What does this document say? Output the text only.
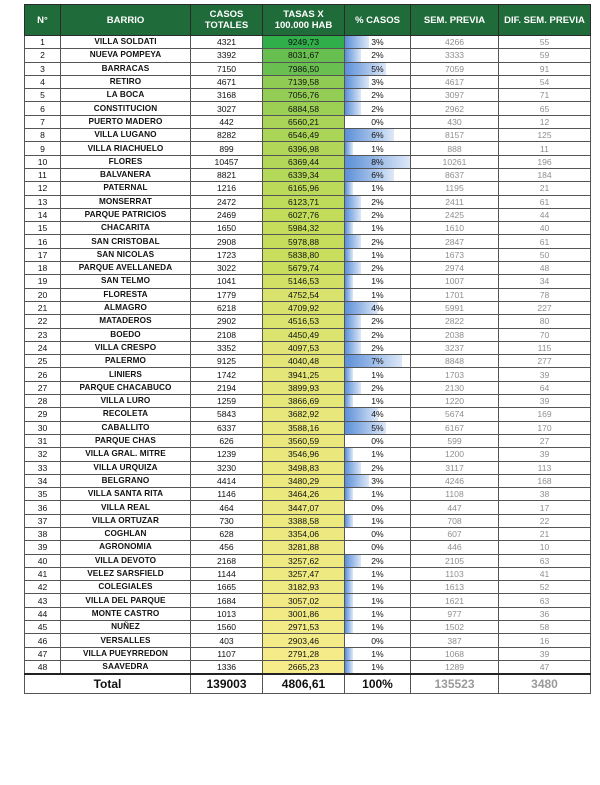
N°	BARRIO	CASOS TOTALES	TASAS X 100.000 HAB	% CASOS	SEM. PREVIA	DIF. SEM. PREVIA
1	VILLA SOLDATI	4321	9249,73	3%	4266	55
2	NUEVA POMPEYA	3392	8031,67	2%	3333	59
3	BARRACAS	7150	7986,50	5%	7059	91
4	RETIRO	4671	7139,58	3%	4617	54
5	LA BOCA	3168	7056,76	2%	3097	71
6	CONSTITUCION	3027	6884,58	2%	2962	65
7	PUERTO MADERO	442	6560,21	0%	430	12
8	VILLA LUGANO	8282	6546,49	6%	8157	125
9	VILLA RIACHUELO	899	6396,98	1%	888	11
10	FLORES	10457	6369,44	8%	10261	196
11	BALVANERA	8821	6339,34	6%	8637	184
12	PATERNAL	1216	6165,96	1%	1195	21
13	MONSERRAT	2472	6123,71	2%	2411	61
14	PARQUE PATRICIOS	2469	6027,76	2%	2425	44
15	CHACARITA	1650	5984,32	1%	1610	40
16	SAN CRISTOBAL	2908	5978,88	2%	2847	61
17	SAN NICOLAS	1723	5838,80	1%	1673	50
18	PARQUE AVELLANEDA	3022	5679,74	2%	2974	48
19	SAN TELMO	1041	5146,53	1%	1007	34
20	FLORESTA	1779	4752,54	1%	1701	78
21	ALMAGRO	6218	4709,92	4%	5991	227
22	MATADEROS	2902	4516,53	2%	2822	80
23	BOEDO	2108	4450,49	2%	2038	70
24	VILLA CRESPO	3352	4097,53	2%	3237	115
25	PALERMO	9125	4040,48	7%	8848	277
26	LINIERS	1742	3941,25	1%	1703	39
27	PARQUE CHACABUCO	2194	3899,93	2%	2130	64
28	VILLA LURO	1259	3866,69	1%	1220	39
29	RECOLETA	5843	3682,92	4%	5674	169
30	CABALLITO	6337	3588,16	5%	6167	170
31	PARQUE CHAS	626	3560,59	0%	599	27
32	VILLA GRAL. MITRE	1239	3546,96	1%	1200	39
33	VILLA URQUIZA	3230	3498,83	2%	3117	113
34	BELGRANO	4414	3480,29	3%	4246	168
35	VILLA SANTA RITA	1146	3464,26	1%	1108	38
36	VILLA REAL	464	3447,07	0%	447	17
37	VILLA ORTUZAR	730	3388,58	1%	708	22
38	COGHLAN	628	3354,06	0%	607	21
39	AGRONOMIA	456	3281,88	0%	446	10
40	VILLA DEVOTO	2168	3257,62	2%	2105	63
41	VELEZ SARSFIELD	1144	3257,47	1%	1103	41
42	COLEGIALES	1665	3182,93	1%	1613	52
43	VILLA DEL PARQUE	1684	3057,02	1%	1621	63
44	MONTE CASTRO	1013	3001,86	1%	977	36
45	NUÑEZ	1560	2971,53	1%	1502	58
46	VERSALLES	403	2903,46	0%	387	16
47	VILLA PUEYRREDON	1107	2791,28	1%	1068	39
48	SAAVEDRA	1336	2665,23	1%	1289	47
Total		139003	4806,61	100%	135523	3480
